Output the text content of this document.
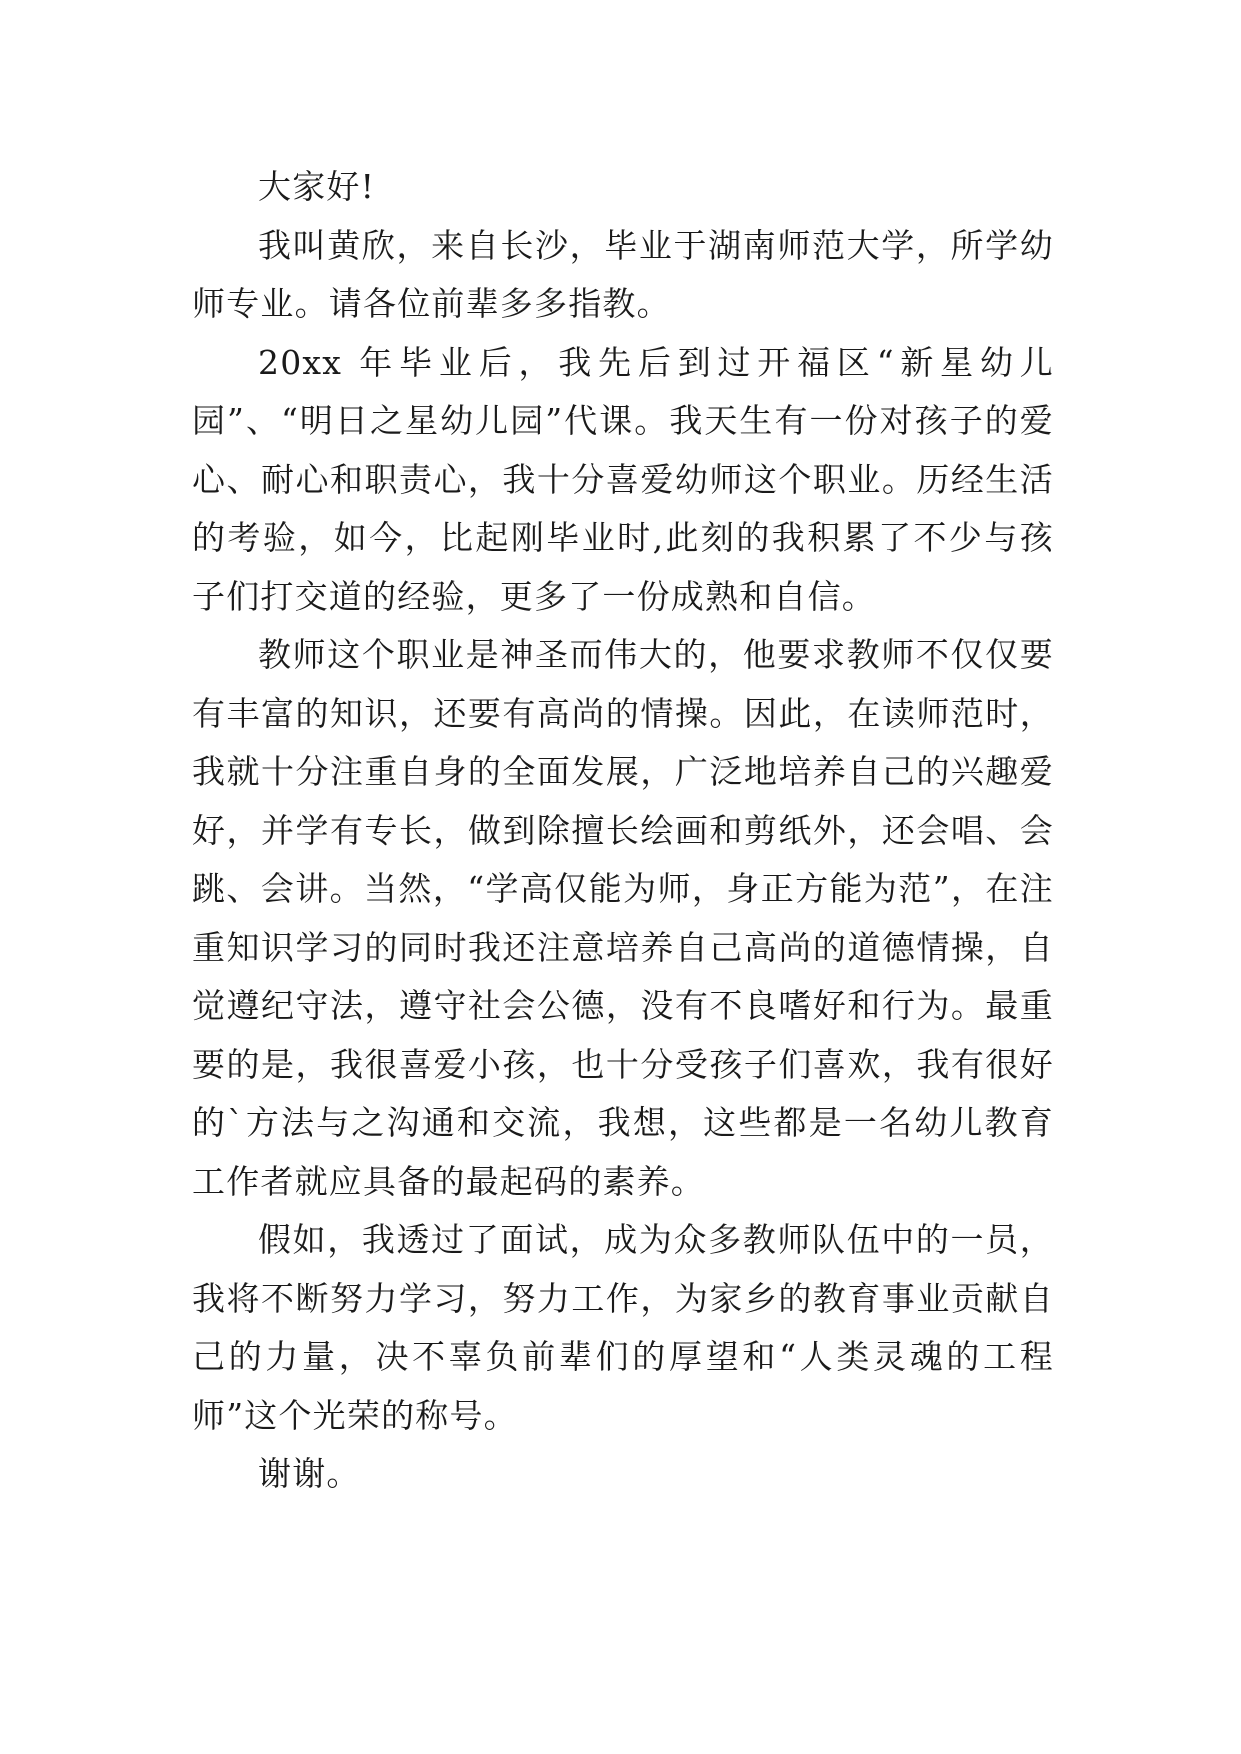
大家好!

我叫黄欣，来自长沙，毕业于湖南师范大学，所学幼师专业。请各位前辈多多指教。

20xx 年毕业后，我先后到过开福区“新星幼儿园”、“明日之星幼儿园”代课。我天生有一份对孩子的爱心、耐心和职责心，我十分喜爱幼师这个职业。历经生活的考验，如今，比起刚毕业时,此刻的我积累了不少与孩子们打交道的经验，更多了一份成熟和自信。

教师这个职业是神圣而伟大的，他要求教师不仅仅要有丰富的知识，还要有高尚的情操。因此，在读师范时，我就十分注重自身的全面发展，广泛地培养自己的兴趣爱好，并学有专长，做到除擅长绘画和剪纸外，还会唱、会跳、会讲。当然，“学高仅能为师，身正方能为范”，在注重知识学习的同时我还注意培养自己高尚的道德情操，自觉遵纪守法，遵守社会公德，没有不良嗜好和行为。最重要的是，我很喜爱小孩，也十分受孩子们喜欢，我有很好的`方法与之沟通和交流，我想，这些都是一名幼儿教育工作者就应具备的最起码的素养。

假如，我透过了面试，成为众多教师队伍中的一员，我将不断努力学习，努力工作，为家乡的教育事业贡献自己的力量，决不辜负前辈们的厚望和“人类灵魂的工程师”这个光荣的称号。

谢谢。
